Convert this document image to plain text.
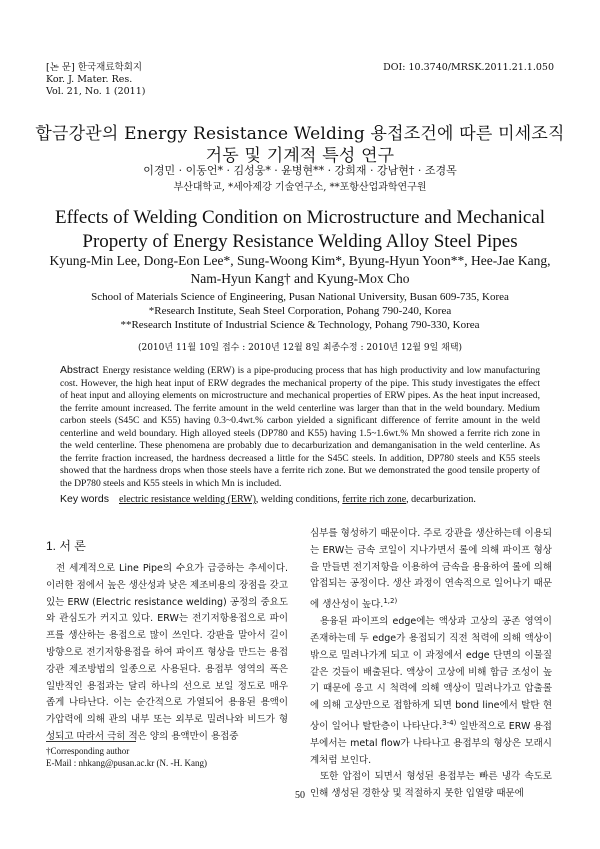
[논 문] 한국재료학회지
Kor. J. Mater. Res.
Vol. 21, No. 1 (2011)
DOI: 10.3740/MRSK.2011.21.1.050
합금강관의 Energy Resistance Welding 용접조건에 따른 미세조직
거동 및 기계적 특성 연구
이경민 · 이동언* · 김성웅* · 윤병현** · 강희재 · 강남현† · 조경목
부산대학교, *세아제강 기술연구소, **포항산업과학연구원
Effects of Welding Condition on Microstructure and Mechanical
Property of Energy Resistance Welding Alloy Steel Pipes
Kyung-Min Lee, Dong-Eon Lee*, Sung-Woong Kim*, Byung-Hyun Yoon**, Hee-Jae Kang,
Nam-Hyun Kang† and Kyung-Mox Cho
School of Materials Science of Engineering, Pusan National University, Busan 609-735, Korea
*Research Institute, Seah Steel Corporation, Pohang 790-240, Korea
**Research Institute of Industrial Science & Technology, Pohang 790-330, Korea
(2010년 11월 10일 접수 : 2010년 12월 8일 최종수정 : 2010년 12월 9일 채택)
Abstract Energy resistance welding (ERW) is a pipe-producing process that has high productivity and low manufacturing cost. However, the high heat input of ERW degrades the mechanical property of the pipe. This study investigates the effect of heat input and alloying elements on microstructure and mechanical properties of ERW pipes. As the heat input increased, the ferrite amount increased. The ferrite amount in the weld centerline was larger than that in the weld boundary. Medium carbon steels (S45C and K55) having 0.3~0.4wt.% carbon yielded a significant difference of ferrite amount in the weld centerline and weld boundary. High alloyed steels (DP780 and K55) having 1.5~1.6wt.% Mn showed a ferrite rich zone in the weld centerline. These phenomena are probably due to decarburization and demanganisation in the weld centerline. As the ferrite fraction increased, the hardness decreased a little for the S45C steels. In addition, DP780 steels and K55 steels showed that the hardness drops when those steels have a ferrite rich zone. But we demonstrated the good tensile property of the DP780 steels and K55 steels in which Mn is included.
Key words electric resistance welding (ERW), welding conditions, ferrite rich zone, decarburization.
1. 서 론

전 세계적으로 Line Pipe의 수요가 급증하는 추세이다. 이러한 점에서 높은 생산성과 낮은 제조비용의 장점을 갖고 있는 ERW (Electric resistance welding) 공정의 중요도와 관심도가 커지고 있다. ERW는 전기저항용접으로 파이프를 생산하는 용접으로 많이 쓰인다. 강판을 말아서 길이 방향으로 전기저항용접을 하여 파이프 형상을 만드는 용접강관 제조방법의 일종으로 사용된다. 용접부 영역의 폭은 일반적인 용접과는 달리 하나의 선으로 보일 정도로 매우 좁게 나타난다. 이는 순간적으로 가열되어 용융된 용액이 가압력에 의해 관의 내부 또는 외부로 밀려나와 비드가 형성되고 따라서 극히 적은 양의 용액만이 용접중

심부를 형성하기 때문이다. 주로 강관을 생산하는데 이용되는 ERW는 금속 코일이 지나가면서 롤에 의해 파이프 형상을 만들면 전기저항을 이용하여 금속을 용융하여 롤에 의해 압접되는 공정이다. 생산 과정이 연속적으로 일어나기 때문에 생산성이 높다.$^{1,2)}$

용융된 파이프의 edge에는 액상과 고상의 공존 영역이 존재하는데 두 edge가 용접되기 직전 척력에 의해 액상이 밖으로 밀려나가게 되고 이 과정에서 edge 단면의 이물질 같은 것들이 배출된다. 액상이 고상에 비해 합금 조성이 높기 때문에 응고 시 척력에 의해 액상이 밀려나가고 압출롤에 의해 고상만으로 접합하게 되면 bond line에서 탈탄 현상이 일어나 탈탄층이 나타난다.$^{3-4)}$ 일반적으로 ERW 용접부에서는 metal flow가 나타나고 용접부의 형상은 모래시계처럼 보인다.

또한 압접이 되면서 형성된 용접부는 빠른 냉각 속도로 인해 생성된 경한상 및 적절하지 못한 입열량 때문에

†Corresponding author
E-Mail : nhkang@pusan.ac.kr (N. -H. Kang)
50
